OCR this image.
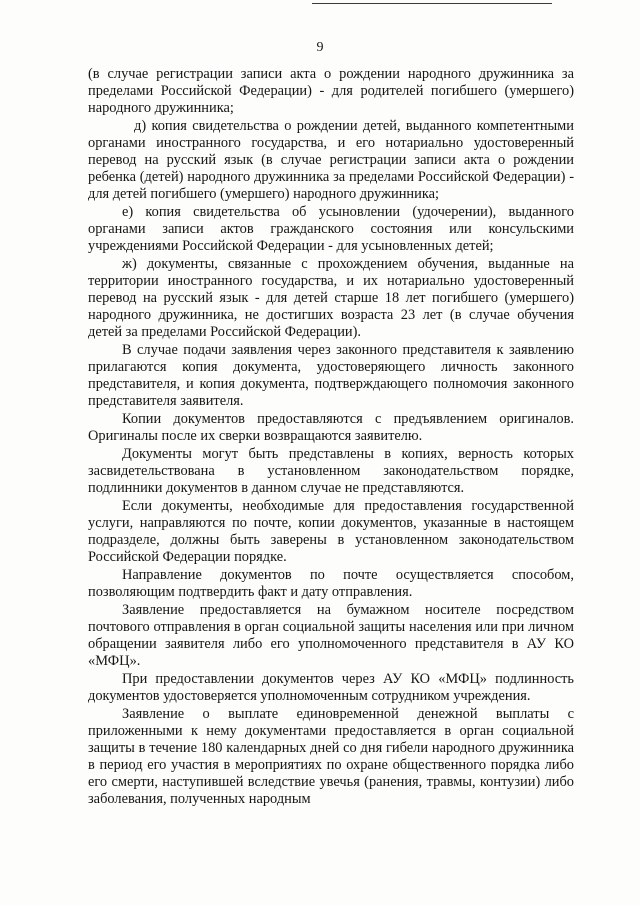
9

(в случае регистрации записи акта о рождении народного дружинника за пределами Российской Федерации) - для родителей погибшего (умершего) народного дружинника;

д) копия свидетельства о рождении детей, выданного компетентными органами иностранного государства, и его нотариально удостоверенный перевод на русский язык (в случае регистрации записи акта о рождении ребенка (детей) народного дружинника за пределами Российской Федерации) - для детей погибшего (умершего) народного дружинника;

е) копия свидетельства об усыновлении (удочерении), выданного органами записи актов гражданского состояния или консульскими учреждениями Российской Федерации - для усыновленных детей;

ж) документы, связанные с прохождением обучения, выданные на территории иностранного государства, и их нотариально удостоверенный перевод на русский язык - для детей старше 18 лет погибшего (умершего) народного дружинника, не достигших возраста 23 лет (в случае обучения детей за пределами Российской Федерации).

В случае подачи заявления через законного представителя к заявлению прилагаются копия документа, удостоверяющего личность законного представителя, и копия документа, подтверждающего полномочия законного представителя заявителя.

Копии документов предоставляются с предъявлением оригиналов. Оригиналы после их сверки возвращаются заявителю.

Документы могут быть представлены в копиях, верность которых засвидетельствована в установленном законодательством порядке, подлинники документов в данном случае не представляются.

Если документы, необходимые для предоставления государственной услуги, направляются по почте, копии документов, указанные в настоящем подразделе, должны быть заверены в установленном законодательством Российской Федерации порядке.

Направление документов по почте осуществляется способом, позволяющим подтвердить факт и дату отправления.

Заявление предоставляется на бумажном носителе посредством почтового отправления в орган социальной защиты населения или при личном обращении заявителя либо его уполномоченного представителя в АУ КО «МФЦ».

При предоставлении документов через АУ КО «МФЦ» подлинность документов удостоверяется уполномоченным сотрудником учреждения.

Заявление о выплате единовременной денежной выплаты с приложенными к нему документами предоставляется в орган социальной защиты в течение 180 календарных дней со дня гибели народного дружинника в период его участия в мероприятиях по охране общественного порядка либо его смерти, наступившей вследствие увечья (ранения, травмы, контузии) либо заболевания, полученных народным
